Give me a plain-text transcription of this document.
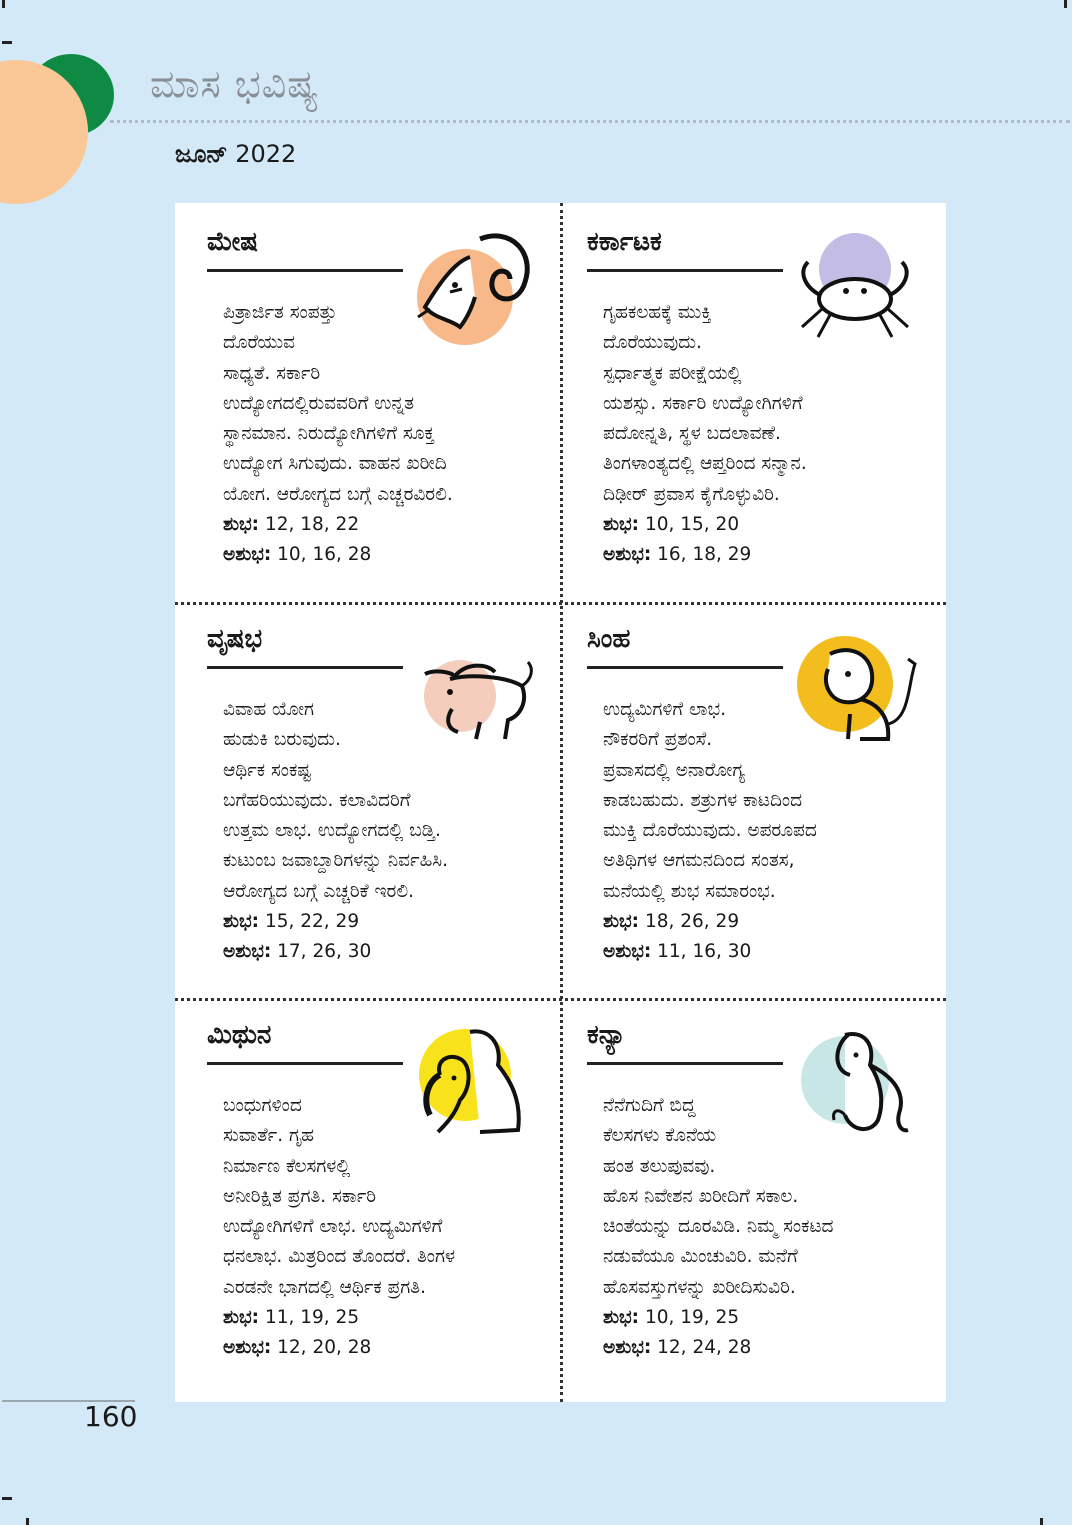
ಮಾಸ ಭವಿಷ್ಯ
ಜೂನ್ 2022
ಮೇಷ
ಪಿತ್ರಾರ್ಜಿತ ಸಂಪತ್ತು
ದೊರೆಯುವ
ಸಾಧ್ಯತೆ. ಸರ್ಕಾರಿ
ಉದ್ಯೋಗದಲ್ಲಿರುವವರಿಗೆ ಉನ್ನತ
ಸ್ಥಾನಮಾನ. ನಿರುದ್ಯೋಗಿಗಳಿಗೆ ಸೂಕ್ತ
ಉದ್ಯೋಗ ಸಿಗುವುದು. ವಾಹನ ಖರೀದಿ
ಯೋಗ. ಆರೋಗ್ಯದ ಬಗ್ಗೆ ಎಚ್ಚರವಿರಲಿ.
ಶುಭ: 12, 18, 22
ಅಶುಭ: 10, 16, 28
ಕರ್ಕಾಟಕ
ಗೃಹಕಲಹಕ್ಕೆ ಮುಕ್ತಿ
ದೊರೆಯುವುದು.
ಸ್ಪರ್ಧಾತ್ಮಕ ಪರೀಕ್ಷೆಯಲ್ಲಿ
ಯಶಸ್ಸು. ಸರ್ಕಾರಿ ಉದ್ಯೋಗಿಗಳಿಗೆ
ಪದೋನ್ನತಿ, ಸ್ಥಳ ಬದಲಾವಣೆ.
ತಿಂಗಳಾಂತ್ಯದಲ್ಲಿ ಆಪ್ತರಿಂದ ಸನ್ಮಾನ.
ದಿಢೀರ್ ಪ್ರವಾಸ ಕೈಗೊಳ್ಳುವಿರಿ.
ಶುಭ: 10, 15, 20
ಅಶುಭ: 16, 18, 29
ವೃಷಭ
ವಿವಾಹ ಯೋಗ
ಹುಡುಕಿ ಬರುವುದು.
ಆರ್ಥಿಕ ಸಂಕಷ್ಟ
ಬಗೆಹರಿಯುವುದು. ಕಲಾವಿದರಿಗೆ
ಉತ್ತಮ ಲಾಭ. ಉದ್ಯೋಗದಲ್ಲಿ ಬಡ್ತಿ.
ಕುಟುಂಬ ಜವಾಬ್ದಾರಿಗಳನ್ನು ನಿರ್ವಹಿಸಿ.
ಆರೋಗ್ಯದ ಬಗ್ಗೆ ಎಚ್ಚರಿಕೆ ಇರಲಿ.
ಶುಭ: 15, 22, 29
ಅಶುಭ: 17, 26, 30
ಸಿಂಹ
ಉದ್ಯಮಿಗಳಿಗೆ ಲಾಭ.
ನೌಕರರಿಗೆ ಪ್ರಶಂಸೆ.
ಪ್ರವಾಸದಲ್ಲಿ ಅನಾರೋಗ್ಯ
ಕಾಡಬಹುದು. ಶತ್ರುಗಳ ಕಾಟದಿಂದ
ಮುಕ್ತಿ ದೊರೆಯುವುದು. ಅಪರೂಪದ
ಅತಿಥಿಗಳ ಆಗಮನದಿಂದ ಸಂತಸ,
ಮನೆಯಲ್ಲಿ ಶುಭ ಸಮಾರಂಭ.
ಶುಭ: 18, 26, 29
ಅಶುಭ: 11, 16, 30
ಮಿಥುನ
ಬಂಧುಗಳಿಂದ
ಸುವಾರ್ತೆ. ಗೃಹ
ನಿರ್ಮಾಣ ಕೆಲಸಗಳಲ್ಲಿ
ಅನೀರಿಕ್ಷಿತ ಪ್ರಗತಿ. ಸರ್ಕಾರಿ
ಉದ್ಯೋಗಿಗಳಿಗೆ ಲಾಭ. ಉದ್ಯಮಿಗಳಿಗೆ
ಧನಲಾಭ. ಮಿತ್ರರಿಂದ ತೊಂದರೆ. ತಿಂಗಳ
ಎರಡನೇ ಭಾಗದಲ್ಲಿ ಆರ್ಥಿಕ ಪ್ರಗತಿ.
ಶುಭ: 11, 19, 25
ಅಶುಭ: 12, 20, 28
ಕನ್ಯಾ
ನೆನೆಗುದಿಗೆ ಬಿದ್ದ
ಕೆಲಸಗಳು ಕೊನೆಯ
ಹಂತ ತಲುಪುವವು.
ಹೊಸ ನಿವೇಶನ ಖರೀದಿಗೆ ಸಕಾಲ.
ಚಿಂತೆಯನ್ನು ದೂರವಿಡಿ. ನಿಮ್ಮ ಸಂಕಟದ
ನಡುವೆಯೂ ಮಿಂಚುವಿರಿ. ಮನೆಗೆ
ಹೊಸವಸ್ತುಗಳನ್ನು ಖರೀದಿಸುವಿರಿ.
ಶುಭ: 10, 19, 25
ಅಶುಭ: 12, 24, 28
160
